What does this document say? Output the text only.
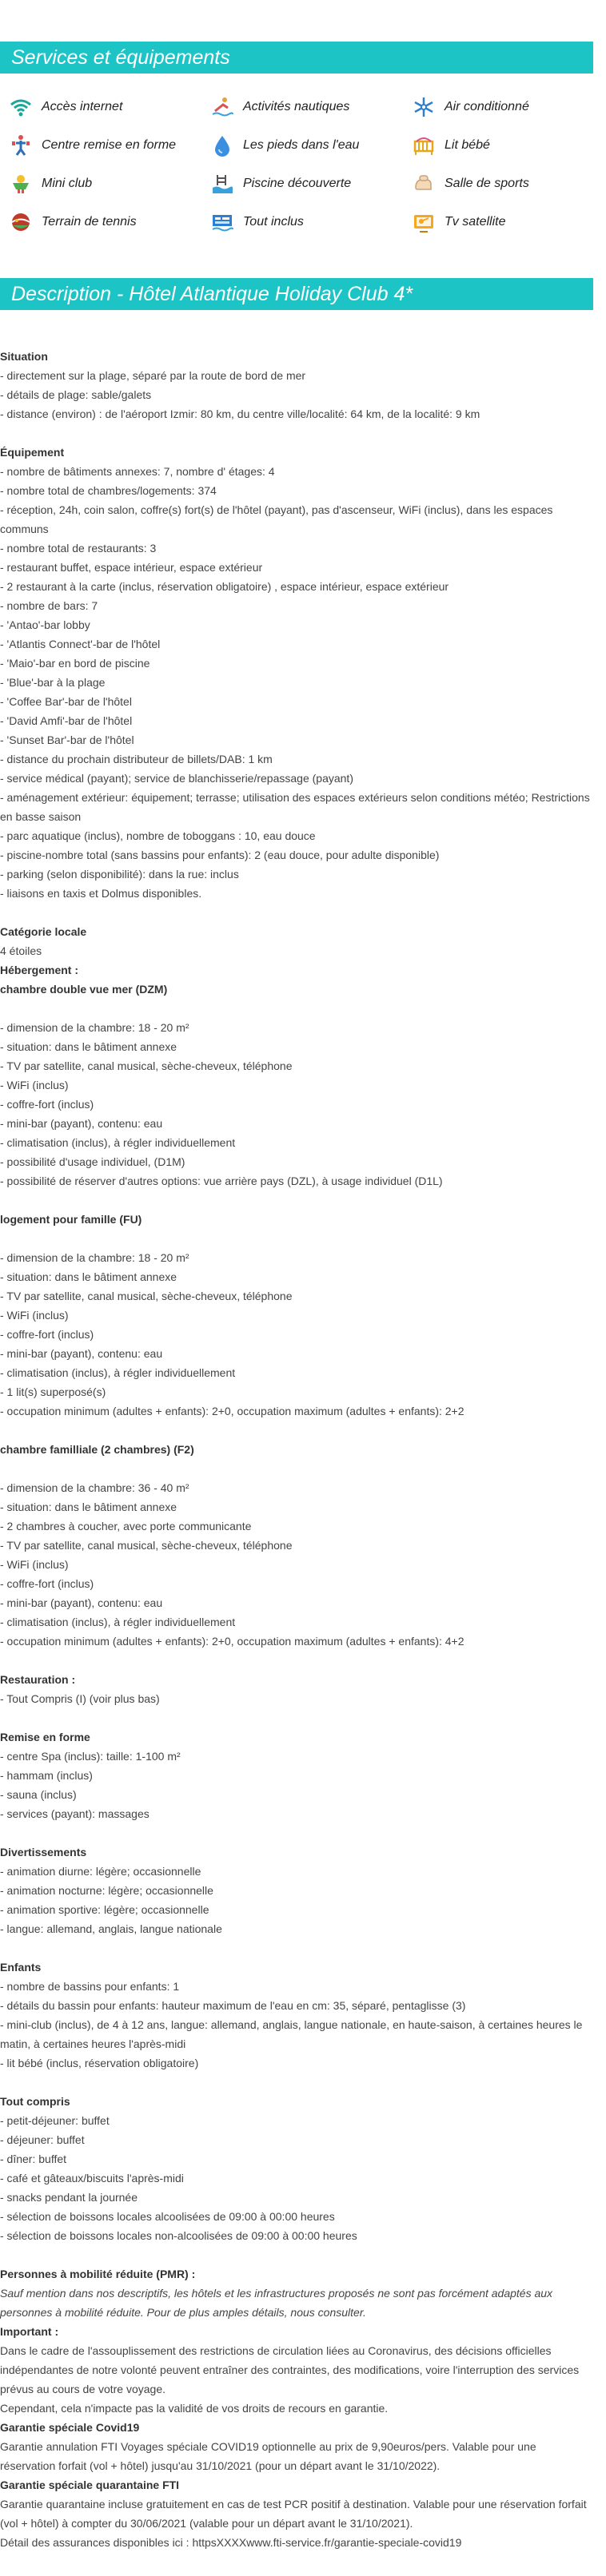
Services et équipements
Accès internet	Activités nautiques	Air conditionné
Centre remise en forme	Les pieds dans l'eau	Lit bébé
Mini club	Piscine découverte	Salle de sports
Terrain de tennis	Tout inclus	Tv satellite
Description - Hôtel Atlantique Holiday Club 4*
Situation
- directement sur la plage, séparé par la route de bord de mer
- détails de plage: sable/galets
- distance (environ) : de l'aéroport Izmir: 80 km, du centre ville/localité: 64 km, de la localité: 9 km
Équipement
- nombre de bâtiments annexes: 7, nombre d' étages: 4
- nombre total de chambres/logements: 374
- réception, 24h, coin salon, coffre(s) fort(s) de l'hôtel (payant), pas d'ascenseur, WiFi (inclus), dans les espaces communs
- nombre total de restaurants: 3
- restaurant buffet, espace intérieur, espace extérieur
- 2 restaurant à la carte (inclus, réservation obligatoire) , espace intérieur, espace extérieur
- nombre de bars: 7
- 'Antao'-bar lobby
- 'Atlantis Connect'-bar de l'hôtel
- 'Maio'-bar en bord de piscine
- 'Blue'-bar à la plage
- 'Coffee Bar'-bar de l'hôtel
- 'David Amfi'-bar de l'hôtel
- 'Sunset Bar'-bar de l'hôtel
- distance du prochain distributeur de billets/DAB: 1 km
- service médical (payant); service de blanchisserie/repassage (payant)
- aménagement extérieur: équipement; terrasse; utilisation des espaces extérieurs selon conditions météo; Restrictions en basse saison
- parc aquatique (inclus), nombre de toboggans : 10, eau douce
- piscine-nombre total (sans bassins pour enfants): 2 (eau douce, pour adulte disponible)
- parking (selon disponibilité): dans la rue: inclus
- liaisons en taxis et Dolmus disponibles.
Catégorie locale
4 étoiles
Hébergement :
chambre double vue mer (DZM)
- dimension de la chambre: 18 - 20 m²
- situation: dans le bâtiment annexe
- TV par satellite, canal musical, sèche-cheveux, téléphone
- WiFi (inclus)
- coffre-fort (inclus)
- mini-bar (payant), contenu: eau
- climatisation (inclus), à régler individuellement
- possibilité d'usage individuel, (D1M)
- possibilité de réserver d'autres options: vue arrière pays (DZL), à usage individuel (D1L)
logement pour famille (FU)
- dimension de la chambre: 18 - 20 m²
- situation: dans le bâtiment annexe
- TV par satellite, canal musical, sèche-cheveux, téléphone
- WiFi (inclus)
- coffre-fort (inclus)
- mini-bar (payant), contenu: eau
- climatisation (inclus), à régler individuellement
- 1 lit(s) superposé(s)
- occupation minimum (adultes + enfants): 2+0, occupation maximum (adultes + enfants): 2+2
chambre familliale (2 chambres) (F2)
- dimension de la chambre: 36 - 40 m²
- situation: dans le bâtiment annexe
- 2 chambres à coucher, avec porte communicante
- TV par satellite, canal musical, sèche-cheveux, téléphone
- WiFi (inclus)
- coffre-fort (inclus)
- mini-bar (payant), contenu: eau
- climatisation (inclus), à régler individuellement
- occupation minimum (adultes + enfants): 2+0, occupation maximum (adultes + enfants): 4+2
Restauration :
- Tout Compris (I) (voir plus bas)
Remise en forme
- centre Spa (inclus): taille: 1-100 m²
- hammam (inclus)
- sauna (inclus)
- services (payant): massages
Divertissements
- animation diurne: légère; occasionnelle
- animation nocturne: légère; occasionnelle
- animation sportive: légère; occasionnelle
- langue: allemand, anglais, langue nationale
Enfants
- nombre de bassins pour enfants: 1
- détails du bassin pour enfants: hauteur maximum de l'eau en cm: 35, séparé, pentaglisse (3)
- mini-club (inclus), de 4 à 12 ans, langue: allemand, anglais, langue nationale, en haute-saison, à certaines heures le matin, à certaines heures l'après-midi
- lit bébé (inclus, réservation obligatoire)
Tout compris
- petit-déjeuner: buffet
- déjeuner: buffet
- dîner: buffet
- café et gâteaux/biscuits l'après-midi
- snacks pendant la journée
- sélection de boissons locales alcoolisées de 09:00 à 00:00 heures
- sélection de boissons locales non-alcoolisées de 09:00 à 00:00 heures
Personnes à mobilité réduite (PMR) :
Sauf mention dans nos descriptifs, les hôtels et les infrastructures proposés ne sont pas forcément adaptés aux personnes à mobilité réduite. Pour de plus amples détails, nous consulter.
Important :
Dans le cadre de l'assouplissement des restrictions de circulation liées au Coronavirus, des décisions officielles indépendantes de notre volonté peuvent entraîner des contraintes, des modifications, voire l'interruption des services prévus au cours de votre voyage.
Cependant, cela n'impacte pas la validité de vos droits de recours en garantie.
Garantie spéciale Covid19
Garantie annulation FTI Voyages spéciale COVID19 optionnelle au prix de 9,90euros/pers. Valable pour une réservation forfait (vol + hôtel) jusqu'au 31/10/2021 (pour un départ avant le 31/10/2022).
Garantie spéciale quarantaine FTI
Garantie quarantaine incluse gratuitement en cas de test PCR positif à destination. Valable pour une réservation forfait (vol + hôtel) à compter du 30/06/2021 (valable pour un départ avant le 31/10/2021).
Détail des assurances disponibles ici : httpsXXXXwww.fti-service.fr/garantie-speciale-covid19
